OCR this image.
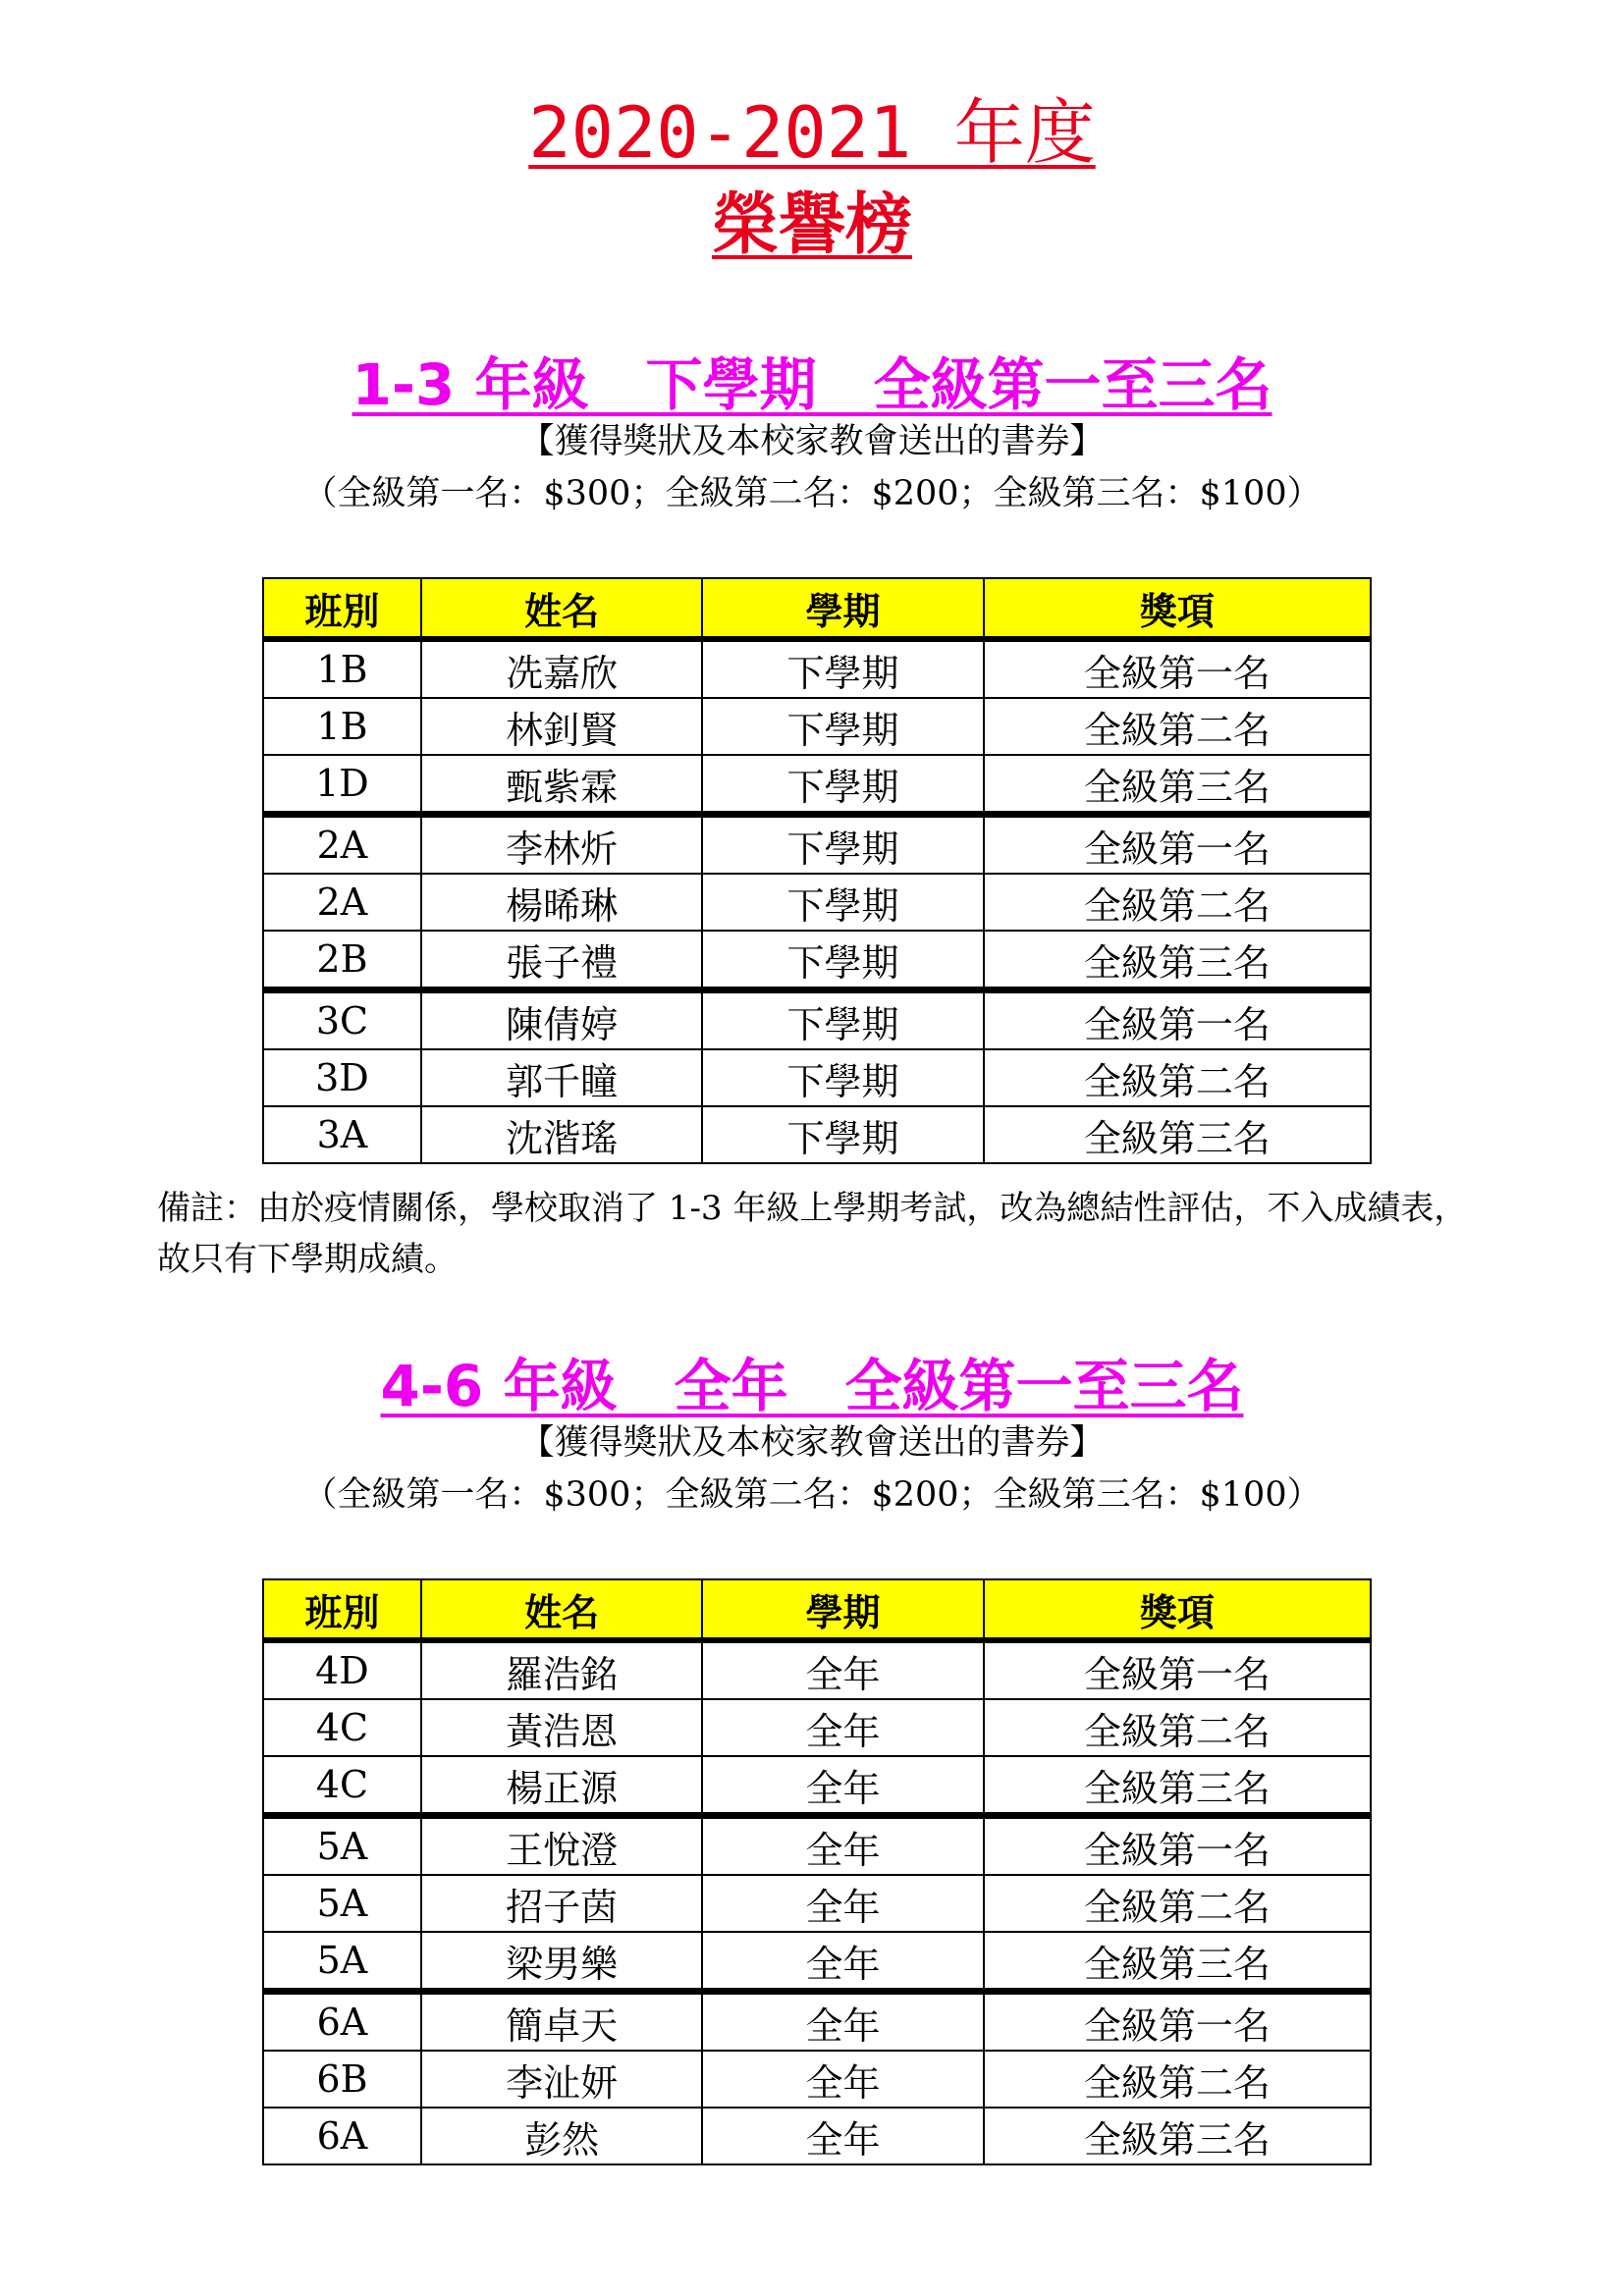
2020-2021 年度
榮譽榜
1-3 年級　下學期　全級第一至三名
【獲得獎狀及本校家教會送出的書券】
（全級第一名：$300；全級第二名：$200；全級第三名：$100）
班別	姓名	學期	獎項
1B	冼嘉欣	下學期	全級第一名
1B	林釗賢	下學期	全級第二名
1D	甄紫霖	下學期	全級第三名
2A	李林炘	下學期	全級第一名
2A	楊晞琳	下學期	全級第二名
2B	張子禮	下學期	全級第三名
3C	陳倩婷	下學期	全級第一名
3D	郭千瞳	下學期	全級第二名
3A	沈湝瑤	下學期	全級第三名
備註：由於疫情關係，學校取消了 1-3 年級上學期考試，改為總結性評估，不入成績表，故只有下學期成績。
4-6 年級　全年　全級第一至三名
【獲得獎狀及本校家教會送出的書券】
（全級第一名：$300；全級第二名：$200；全級第三名：$100）
班別	姓名	學期	獎項
4D	羅浩銘	全年	全級第一名
4C	黃浩恩	全年	全級第二名
4C	楊正源	全年	全級第三名
5A	王悅澄	全年	全級第一名
5A	招子茵	全年	全級第二名
5A	梁男樂	全年	全級第三名
6A	簡卓天	全年	全級第一名
6B	李沚妍	全年	全級第二名
6A	彭然	全年	全級第三名
